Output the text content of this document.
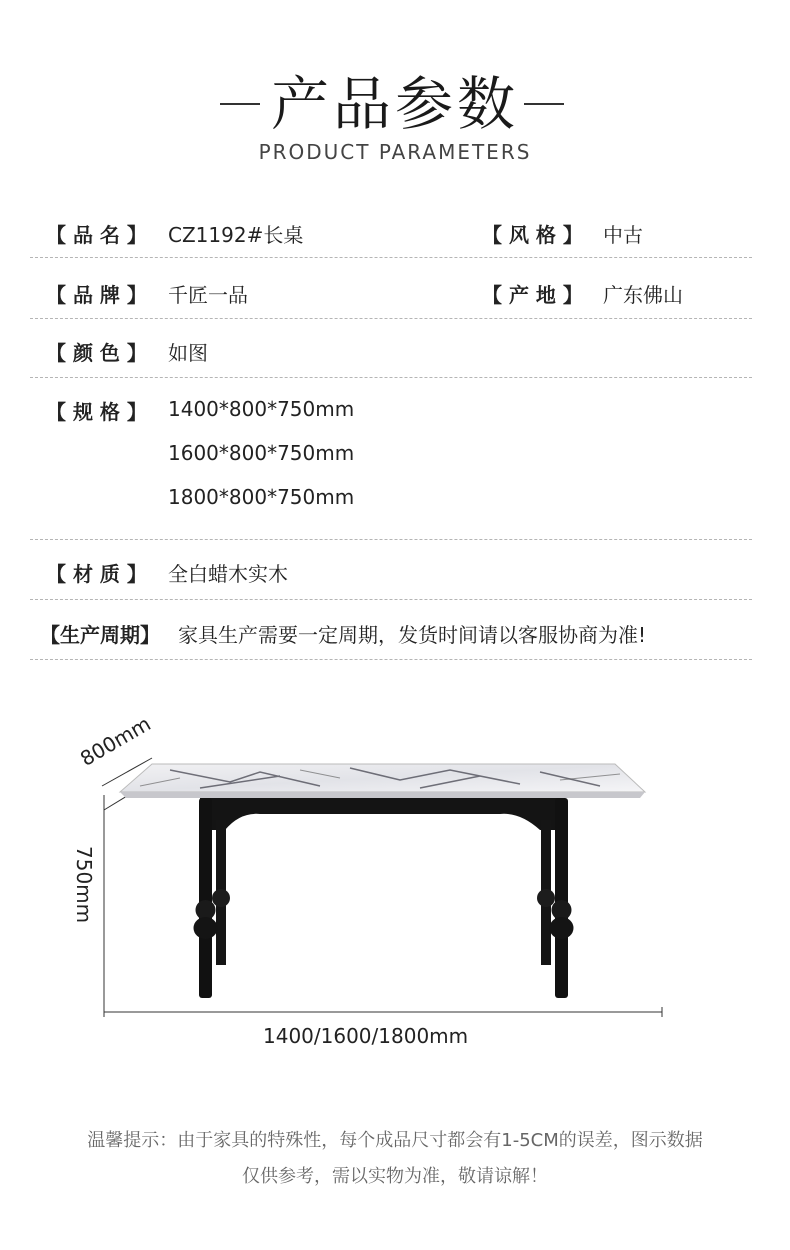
产品参数
PRODUCT PARAMETERS
【 品 名 】 CZ1192#长桌	【 风 格 】 中古
【 品 牌 】 千匠一品	【 产 地 】 广东佛山
【 颜 色 】 如图
【 规 格 】 1400*800*750mm
1600*800*750mm
1800*800*750mm
【 材 质 】 全白蜡木实木
【生产周期】 家具生产需要一定周期，发货时间请以客服协商为准!
800mm
750mm
1400/1600/1800mm
温馨提示：由于家具的特殊性，每个成品尺寸都会有1-5CM的误差，图示数据
仅供参考，需以实物为准，敬请谅解！
